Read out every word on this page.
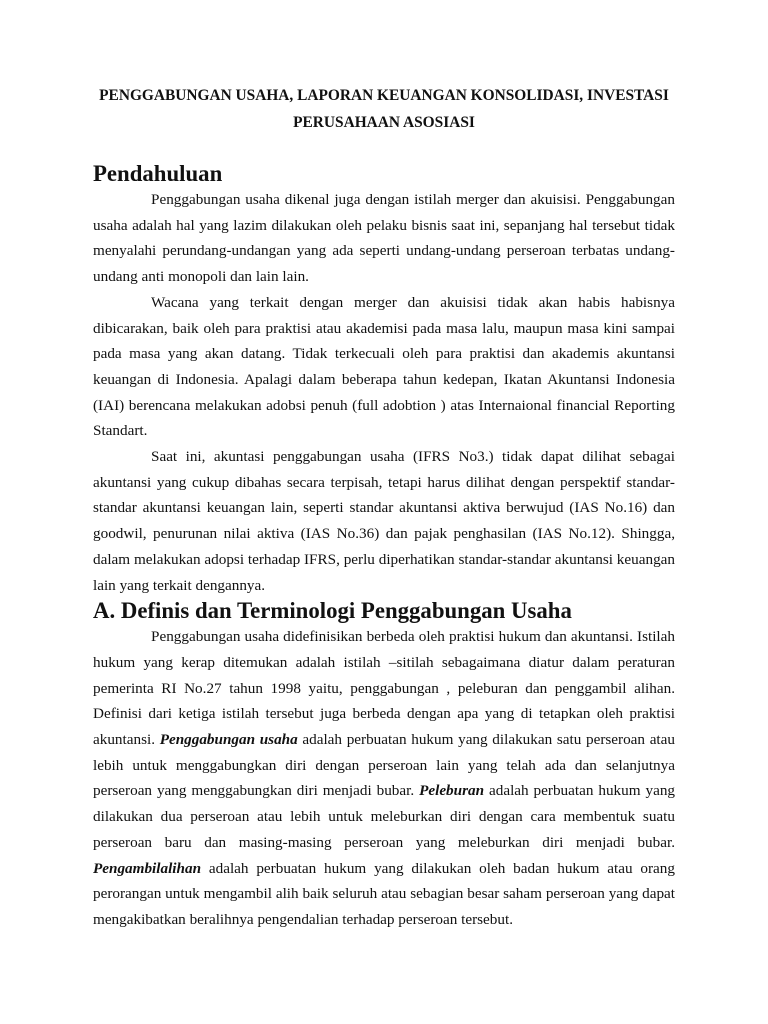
PENGGABUNGAN USAHA, LAPORAN KEUANGAN KONSOLIDASI, INVESTASI
PERUSAHAAN ASOSIASI
Pendahuluan

Penggabungan usaha dikenal juga dengan istilah merger dan akuisisi. Penggabungan usaha adalah hal yang lazim dilakukan oleh pelaku bisnis saat ini, sepanjang hal tersebut tidak menyalahi perundang-undangan yang ada seperti undang-undang perseroan terbatas undang-undang anti monopoli dan lain lain.

Wacana yang terkait dengan merger dan akuisisi tidak akan habis habisnya dibicarakan, baik oleh para praktisi atau akademisi pada masa lalu, maupun masa kini sampai pada masa yang akan datang. Tidak terkecuali oleh para praktisi dan akademis akuntansi keuangan di Indonesia. Apalagi dalam beberapa tahun kedepan, Ikatan Akuntansi Indonesia (IAI) berencana melakukan adobsi penuh (full adobtion ) atas Internaional financial Reporting Standart.

Saat ini, akuntasi penggabungan usaha (IFRS No3.) tidak dapat dilihat sebagai akuntansi yang cukup dibahas secara terpisah, tetapi harus dilihat dengan perspektif standar-standar akuntansi keuangan lain, seperti standar akuntansi aktiva berwujud (IAS No.16) dan goodwil, penurunan nilai aktiva (IAS No.36) dan pajak penghasilan (IAS No.12). Shingga, dalam melakukan adopsi terhadap IFRS, perlu diperhatikan standar-standar akuntansi keuangan lain yang terkait dengannya.

A. Definis dan Terminologi Penggabungan Usaha

Penggabungan usaha didefinisikan berbeda oleh praktisi hukum dan akuntansi. Istilah hukum yang kerap ditemukan adalah istilah –sitilah sebagaimana diatur dalam peraturan pemerinta RI No.27 tahun 1998 yaitu, penggabungan , peleburan dan penggambil alihan. Definisi dari ketiga istilah tersebut juga berbeda dengan apa yang di tetapkan oleh praktisi akuntansi. Penggabungan usaha adalah perbuatan hukum yang dilakukan satu perseroan atau lebih untuk menggabungkan diri dengan perseroan lain yang telah ada dan selanjutnya perseroan yang menggabungkan diri menjadi bubar. Peleburan adalah perbuatan hukum yang dilakukan dua perseroan atau lebih untuk meleburkan diri dengan cara membentuk suatu perseroan baru dan masing-masing perseroan yang meleburkan diri menjadi bubar. Pengambilalihan adalah perbuatan hukum yang dilakukan oleh badan hukum atau orang perorangan untuk mengambil alih baik seluruh atau sebagian besar saham perseroan yang dapat mengakibatkan beralihnya pengendalian terhadap perseroan tersebut.
